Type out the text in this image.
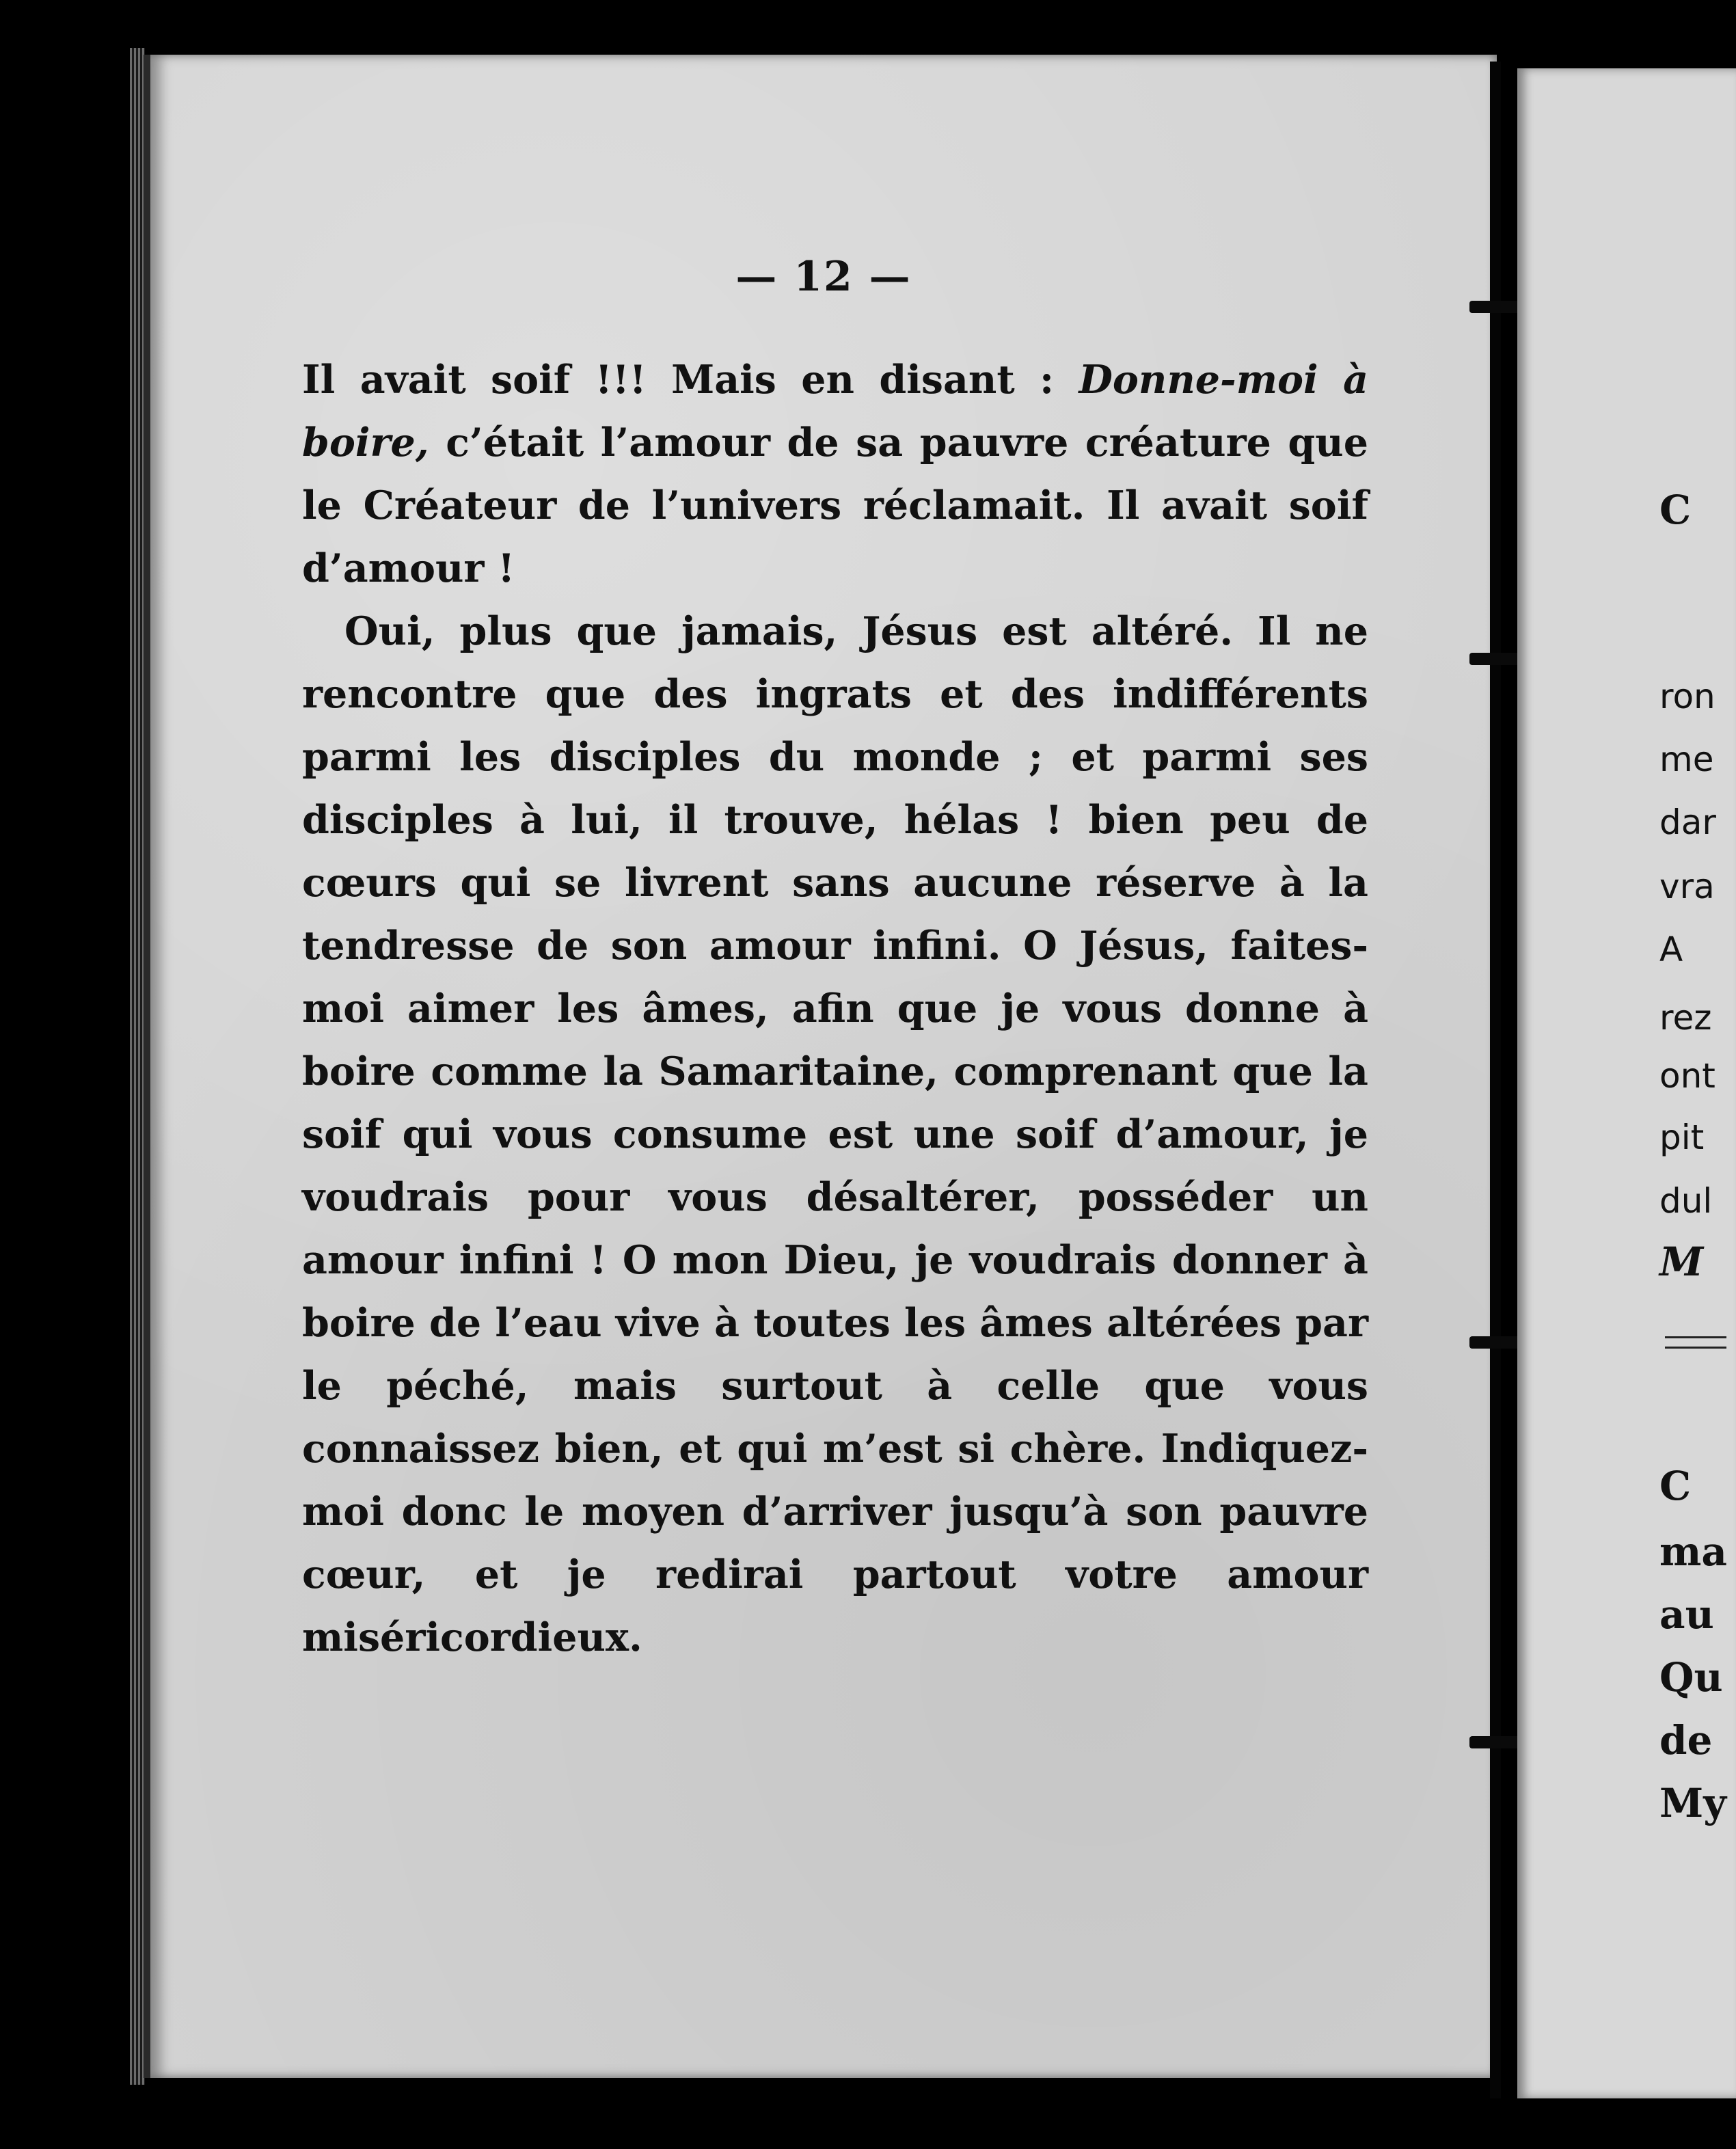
— 12 —

Il avait soif !!! Mais en disant : Donne-moi à boire, c’était l’amour de sa pauvre créature que le Créateur de l’univers réclamait. Il avait soif d’amour !

Oui, plus que jamais, Jésus est altéré. Il ne rencontre que des ingrats et des indifférents parmi les disciples du monde ; et parmi ses disciples à lui, il trouve, hélas ! bien peu de cœurs qui se livrent sans aucune réserve à la tendresse de son amour infini. O Jésus, faites-moi aimer les âmes, afin que je vous donne à boire comme la Samaritaine, comprenant que la soif qui vous consume est une soif d’amour, je voudrais pour vous désaltérer, posséder un amour infini ! O mon Dieu, je voudrais donner à boire de l’eau vive à toutes les âmes altérées par le péché, mais surtout à celle que vous connaissez bien, et qui m’est si chère. Indiquez-moi donc le moyen d’arriver jusqu’à son pauvre cœur, et je redirai partout votre amour miséricordieux.

C
ron
me
dar
vra
A
rez
ont
pit
dul
M
C
ma
au
Qu
de
My
